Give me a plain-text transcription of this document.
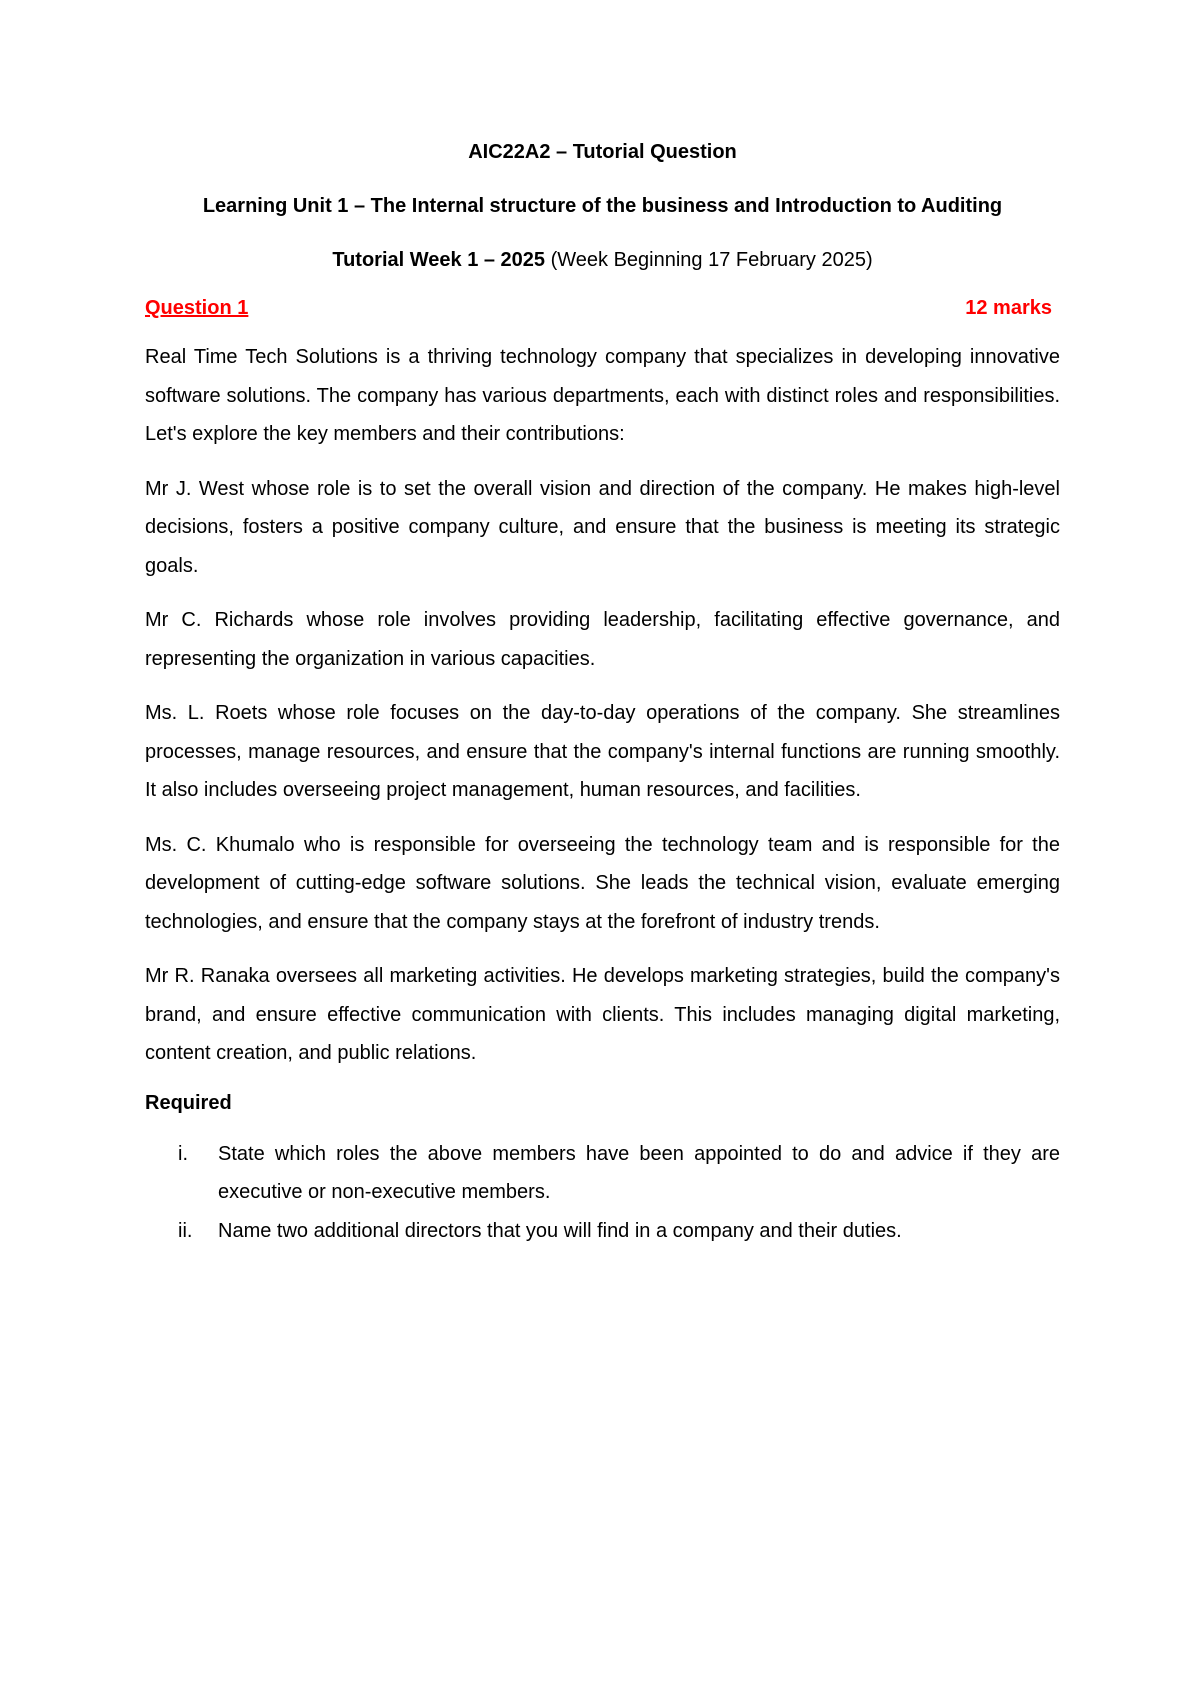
AIC22A2 – Tutorial Question
Learning Unit 1 – The Internal structure of the business and Introduction to Auditing
Tutorial Week 1 – 2025 (Week Beginning 17 February 2025)
Question 1	12 marks

Real Time Tech Solutions is a thriving technology company that specializes in developing innovative software solutions. The company has various departments, each with distinct roles and responsibilities. Let's explore the key members and their contributions:

Mr J. West whose role is to set the overall vision and direction of the company. He makes high-level decisions, fosters a positive company culture, and ensure that the business is meeting its strategic goals.

Mr C. Richards whose role involves providing leadership, facilitating effective governance, and representing the organization in various capacities.

Ms. L. Roets whose role focuses on the day-to-day operations of the company. She streamlines processes, manage resources, and ensure that the company's internal functions are running smoothly. It also includes overseeing project management, human resources, and facilities.

Ms. C. Khumalo who is responsible for overseeing the technology team and is responsible for the development of cutting-edge software solutions. She leads the technical vision, evaluate emerging technologies, and ensure that the company stays at the forefront of industry trends.

Mr R. Ranaka oversees all marketing activities. He develops marketing strategies, build the company's brand, and ensure effective communication with clients. This includes managing digital marketing, content creation, and public relations.

Required
i.	State which roles the above members have been appointed to do and advice if they are executive or non-executive members.
ii.	Name two additional directors that you will find in a company and their duties.
